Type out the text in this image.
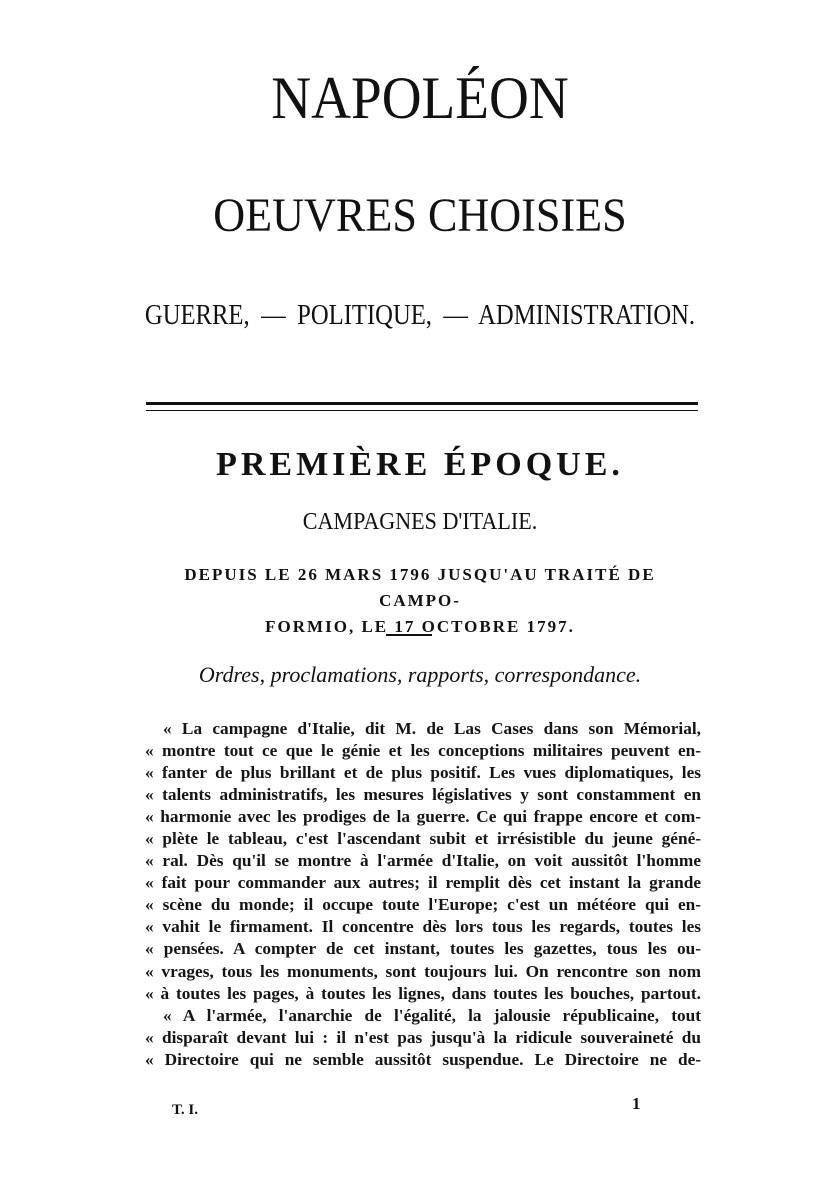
NAPOLÉON
OEUVRES CHOISIES
GUERRE, — POLITIQUE, — ADMINISTRATION.
PREMIÈRE ÉPOQUE.
CAMPAGNES D'ITALIE.
DEPUIS LE 26 MARS 1796 JUSQU'AU TRAITÉ DE CAMPO-
FORMIO, LE 17 OCTOBRE 1797.
Ordres, proclamations, rapports, correspondance.
« La campagne d'Italie, dit M. de Las Cases dans son Mémorial,
« montre tout ce que le génie et les conceptions militaires peuvent en-
« fanter de plus brillant et de plus positif. Les vues diplomatiques, les
« talents administratifs, les mesures législatives y sont constamment en
« harmonie avec les prodiges de la guerre. Ce qui frappe encore et com-
« plète le tableau, c'est l'ascendant subit et irrésistible du jeune géné-
« ral. Dès qu'il se montre à l'armée d'Italie, on voit aussitôt l'homme
« fait pour commander aux autres; il remplit dès cet instant la grande
« scène du monde; il occupe toute l'Europe; c'est un météore qui en-
« vahit le firmament. Il concentre dès lors tous les regards, toutes les
« pensées. A compter de cet instant, toutes les gazettes, tous les ou-
« vrages, tous les monuments, sont toujours lui. On rencontre son nom
« à toutes les pages, à toutes les lignes, dans toutes les bouches, partout.
« A l'armée, l'anarchie de l'égalité, la jalousie républicaine, tout
« disparaît devant lui : il n'est pas jusqu'à la ridicule souveraineté du
« Directoire qui ne semble aussitôt suspendue. Le Directoire ne de-
T. I.	1
